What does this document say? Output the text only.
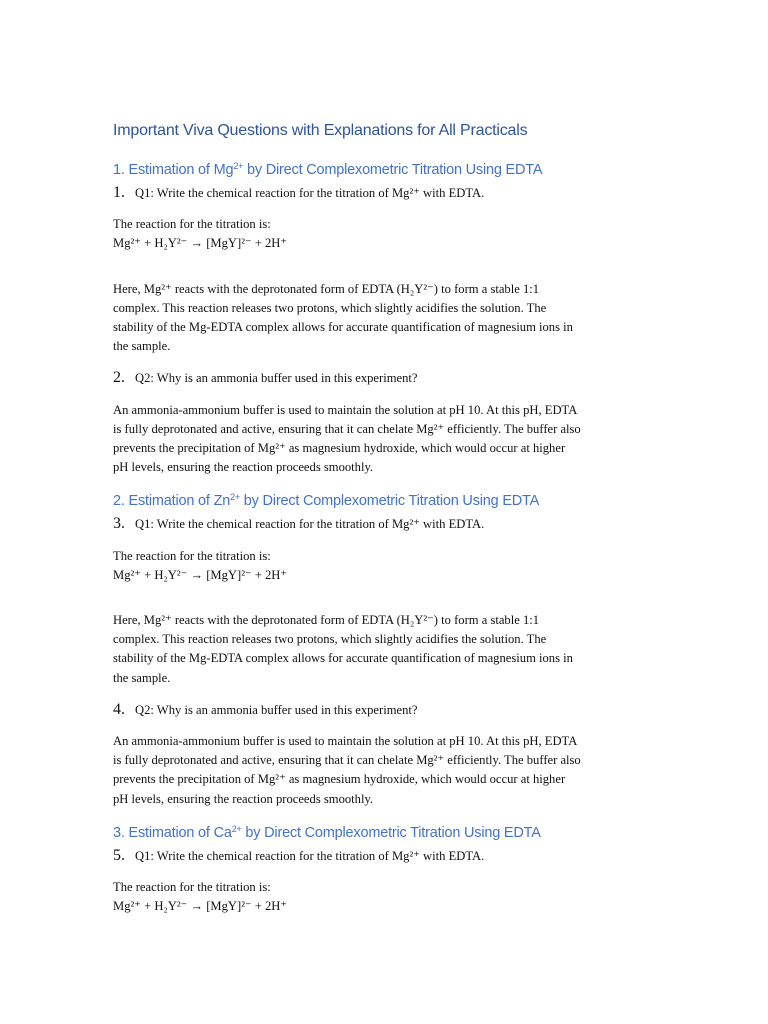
Important Viva Questions with Explanations for All Practicals
1. Estimation of $Mg^{2+}$ by Direct Complexometric Titration Using EDTA
1. Q1: Write the chemical reaction for the titration of Mg²⁺ with EDTA.

The reaction for the titration is:

Mg²⁺ + H₂Y²⁻ → [MgY]²⁻ + 2H⁺

Here, Mg²⁺ reacts with the deprotonated form of EDTA (H₂Y²⁻) to form a stable 1:1

complex. This reaction releases two protons, which slightly acidifies the solution. The

stability of the Mg-EDTA complex allows for accurate quantification of magnesium ions in

the sample.

2. Q2: Why is an ammonia buffer used in this experiment?

An ammonia-ammonium buffer is used to maintain the solution at pH 10. At this pH, EDTA

is fully deprotonated and active, ensuring that it can chelate Mg²⁺ efficiently. The buffer also

prevents the precipitation of Mg²⁺ as magnesium hydroxide, which would occur at higher

pH levels, ensuring the reaction proceeds smoothly.

2. Estimation of $Zn^{2+}$ by Direct Complexometric Titration Using EDTA
3. Q1: Write the chemical reaction for the titration of Mg²⁺ with EDTA.

The reaction for the titration is:

Mg²⁺ + H₂Y²⁻ → [MgY]²⁻ + 2H⁺

Here, Mg²⁺ reacts with the deprotonated form of EDTA (H₂Y²⁻) to form a stable 1:1

complex. This reaction releases two protons, which slightly acidifies the solution. The

stability of the Mg-EDTA complex allows for accurate quantification of magnesium ions in

the sample.

4. Q2: Why is an ammonia buffer used in this experiment?

An ammonia-ammonium buffer is used to maintain the solution at pH 10. At this pH, EDTA

is fully deprotonated and active, ensuring that it can chelate Mg²⁺ efficiently. The buffer also

prevents the precipitation of Mg²⁺ as magnesium hydroxide, which would occur at higher

pH levels, ensuring the reaction proceeds smoothly.

3. Estimation of $Ca^{2+}$ by Direct Complexometric Titration Using EDTA
5. Q1: Write the chemical reaction for the titration of Mg²⁺ with EDTA.

The reaction for the titration is:

Mg²⁺ + H₂Y²⁻ → [MgY]²⁻ + 2H⁺
